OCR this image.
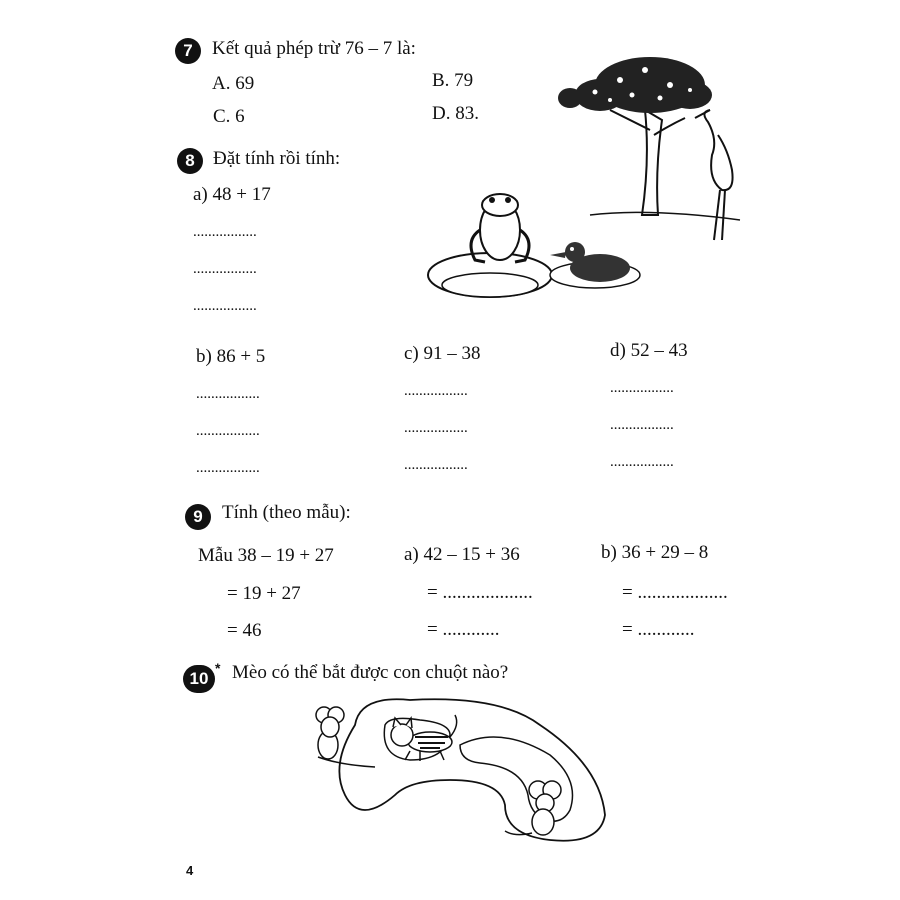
7	Kết quả phép trừ 76 – 7 là:
A. 69	B. 79
C. 6	D. 83.
8 Đặt tính rồi tính:
a) 48 + 17
.................
.................
.................
b) 86 + 5
.................
.................
.................
c) 91 – 38
.................
.................
.................
d) 52 – 43
.................
.................
.................
9	Tính (theo mẫu):
Mẫu 38 – 19 + 27
= 19 + 27
= 46
a) 42 – 15 + 36
= ...................
= ............
b) 36 + 29 – 8
= ...................
= ............
10
* Mèo có thể bắt được con chuột nào?
4
